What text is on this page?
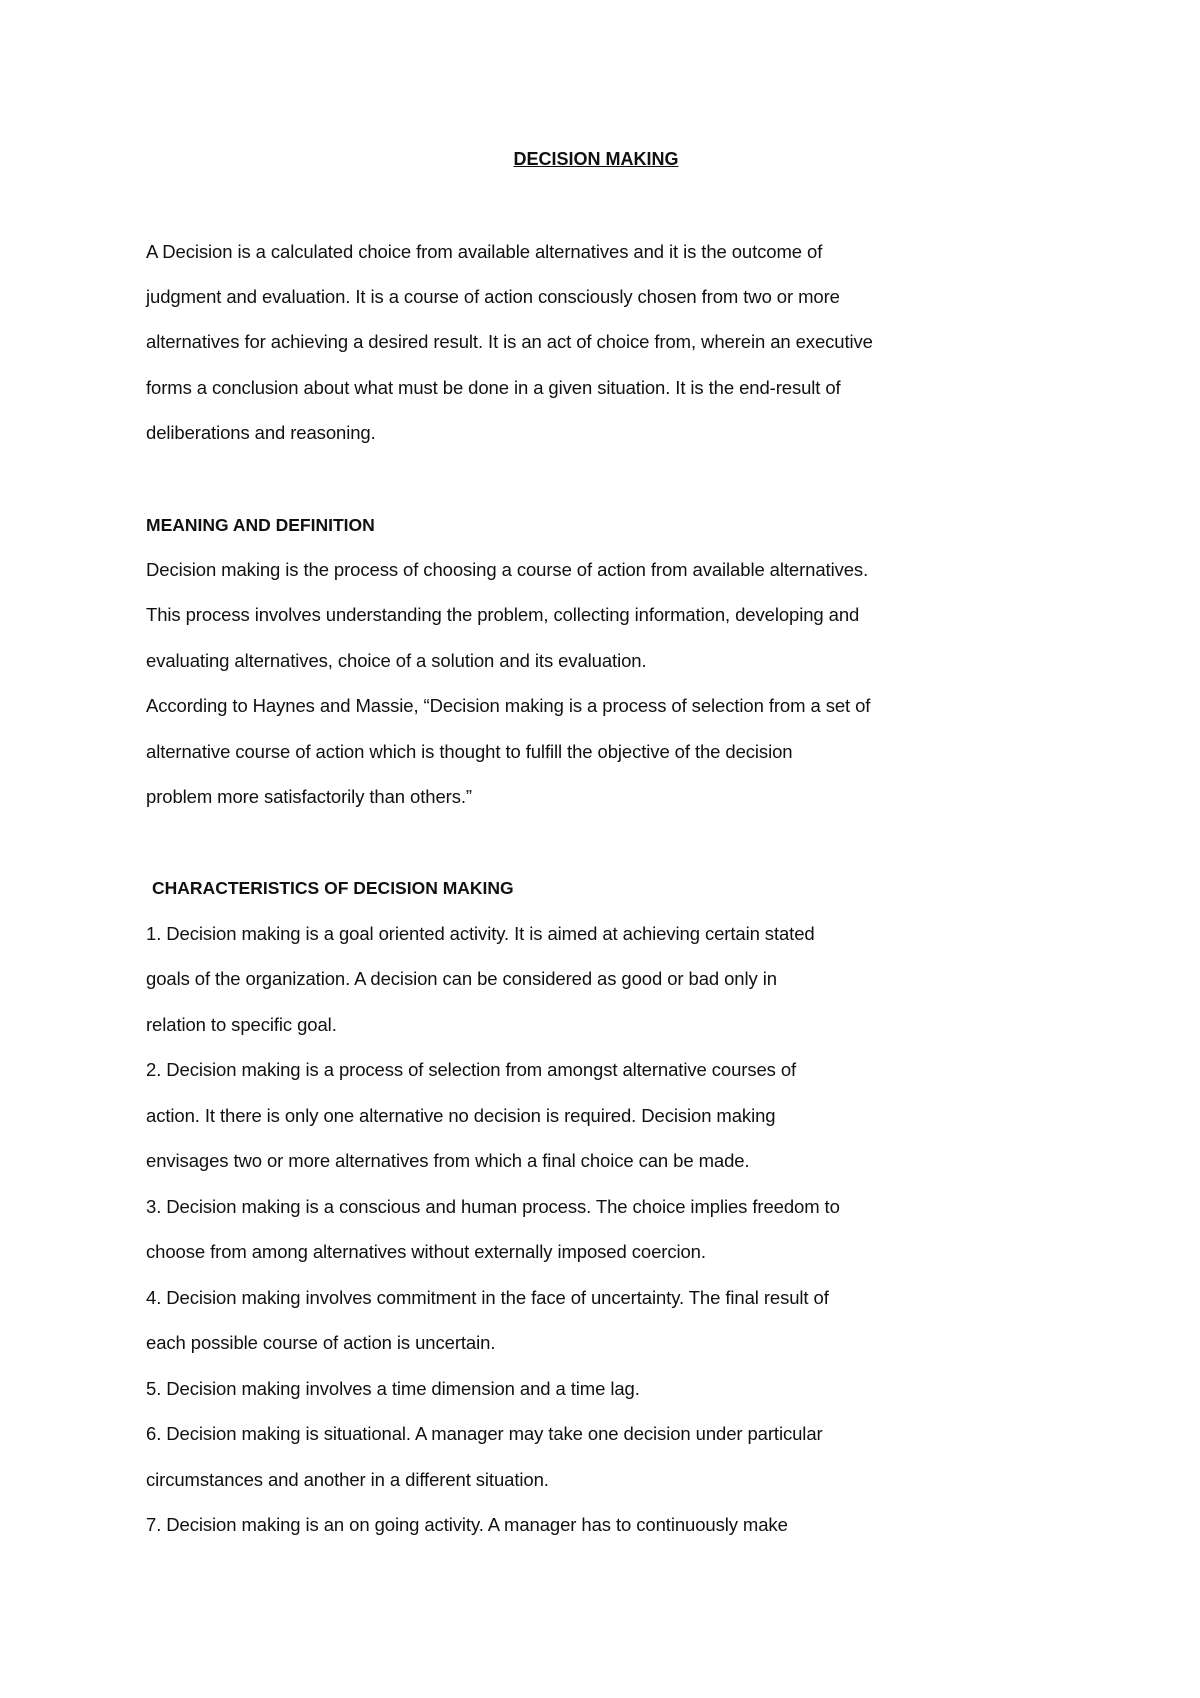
DECISION MAKING
A Decision is a calculated choice from available alternatives and it is the outcome of
judgment and evaluation. It is a course of action consciously chosen from two or more
alternatives for achieving a desired result. It is an act of choice from, wherein an executive
forms a conclusion about what must be done in a given situation. It is the end-result of
deliberations and reasoning.
MEANING AND DEFINITION
Decision making is the process of choosing a course of action from available alternatives.
This process involves understanding the problem, collecting information, developing and
evaluating alternatives, choice of a solution and its evaluation.
According to Haynes and Massie, “Decision making is a process of selection from a set of
alternative course of action which is thought to fulfill the objective of the decision
problem more satisfactorily than others.”
CHARACTERISTICS OF DECISION MAKING
1. Decision making is a goal oriented activity. It is aimed at achieving certain stated
goals of the organization. A decision can be considered as good or bad only in
relation to specific goal.
2. Decision making is a process of selection from amongst alternative courses of
action. It there is only one alternative no decision is required. Decision making
envisages two or more alternatives from which a final choice can be made.
3. Decision making is a conscious and human process. The choice implies freedom to
choose from among alternatives without externally imposed coercion.
4. Decision making involves commitment in the face of uncertainty. The final result of
each possible course of action is uncertain.
5. Decision making involves a time dimension and a time lag.
6. Decision making is situational. A manager may take one decision under particular
circumstances and another in a different situation.
7. Decision making is an on going activity. A manager has to continuously make
